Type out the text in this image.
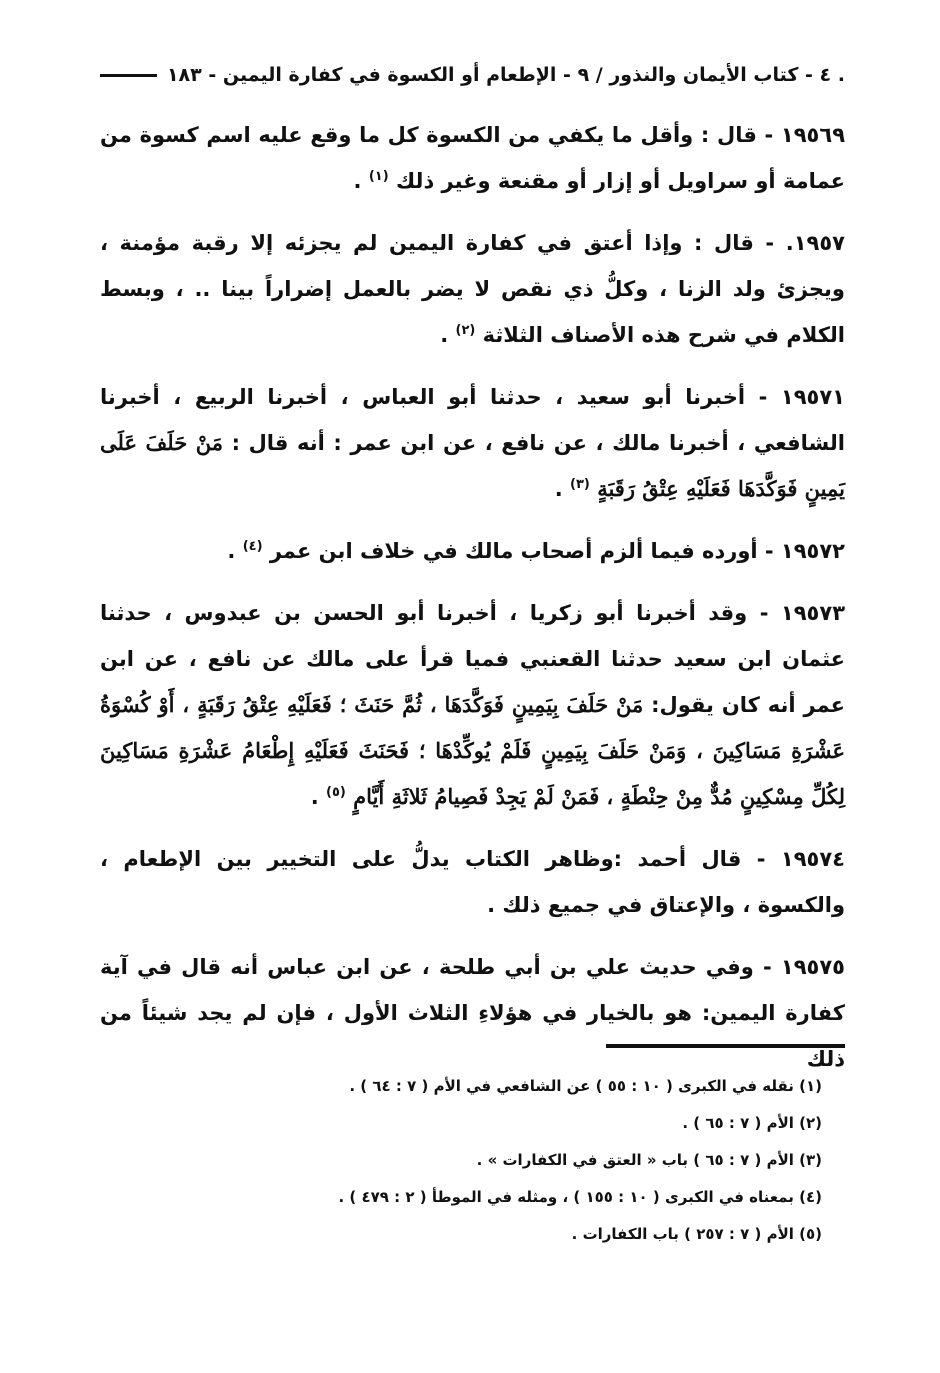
. ٤ - كتاب الأيمان والنذور / ٩ - الإطعام أو الكسوة في كفارة اليمين - ١٨٣

١٩٥٦٩ - قال : وأقل ما يكفي من الكسوة كل ما وقع عليه اسم كسوة من عمامة أو سراويل أو إزار أو مقنعة وغير ذلك $^{(١)}$ .

١٩٥٧. - قال : وإذا أعتق في كفارة اليمين لم يجزئه إلا رقبة مؤمنة ، ويجزئ ولد الزنا ، وكلُّ ذي نقص لا يضر بالعمل إضراراً بينا .. ، وبسط الكلام في شرح هذه الأصناف الثلاثة $^{(٢)}$ .

١٩٥٧١ - أخبرنا أبو سعيد ، حدثنا أبو العباس ، أخبرنا الربيع ، أخبرنا الشافعي ، أخبرنا مالك ، عن نافع ، عن ابن عمر : أنه قال : مَنْ حَلَفَ عَلَى يَمِينٍ فَوَكَّدَهَا فَعَلَيْهِ عِتْقُ رَقَبَةٍ $^{(٣)}$ .

١٩٥٧٢ - أورده فيما ألزم أصحاب مالك في خلاف ابن عمر $^{(٤)}$ .

١٩٥٧٣ - وقد أخبرنا أبو زكريا ، أخبرنا أبو الحسن بن عبدوس ، حدثنا عثمان ابن سعيد حدثنا القعنبي فميا قرأ على مالك عن نافع ، عن ابن عمر أنه كان يقول: مَنْ حَلَفَ بِيَمِينٍ فَوَكَّدَهَا ، ثُمَّ حَنَثَ ؛ فَعَلَيْهِ عِتْقُ رَقَبَةٍ ، أَوْ كُسْوَةُ عَشْرَةِ مَسَاكِينَ ، وَمَنْ حَلَفَ بِيَمِينٍ فَلَمْ يُوكِّدْهَا ؛ فَحَنَثَ فَعَلَيْهِ إِطْعَامُ عَشْرَةِ مَسَاكِينَ لِكُلِّ مِسْكِينٍ مُدٌّ مِنْ حِنْطَةٍ ، فَمَنْ لَمْ يَجِدْ فَصِيامُ ثَلاثَةِ أَيَّامٍ $^{(٥)}$ .

١٩٥٧٤ - قال أحمد :وظاهر الكتاب يدلُّ على التخيير بين الإطعام ، والكسوة ، والإعتاق في جميع ذلك .

١٩٥٧٥ - وفي حديث علي بن أبي طلحة ، عن ابن عباس أنه قال في آية كفارة اليمين: هو بالخيار في هؤلاءِ الثلاث الأول ، فإن لم يجد شيئاً من ذلك

(١) نقله في الكبرى ( ١٠ : ٥٥ ) عن الشافعي في الأم ( ٧ : ٦٤ ) .

(٢) الأم ( ٧ : ٦٥ ) .

(٣) الأم ( ٧ : ٦٥ ) باب « العتق في الكفارات » .

(٤) بمعناه في الكبرى ( ١٠ : ١٥٥ ) ، ومثله في الموطأ ( ٢ : ٤٧٩ ) .

(٥) الأم ( ٧ : ٢٥٧ ) باب الكفارات .
